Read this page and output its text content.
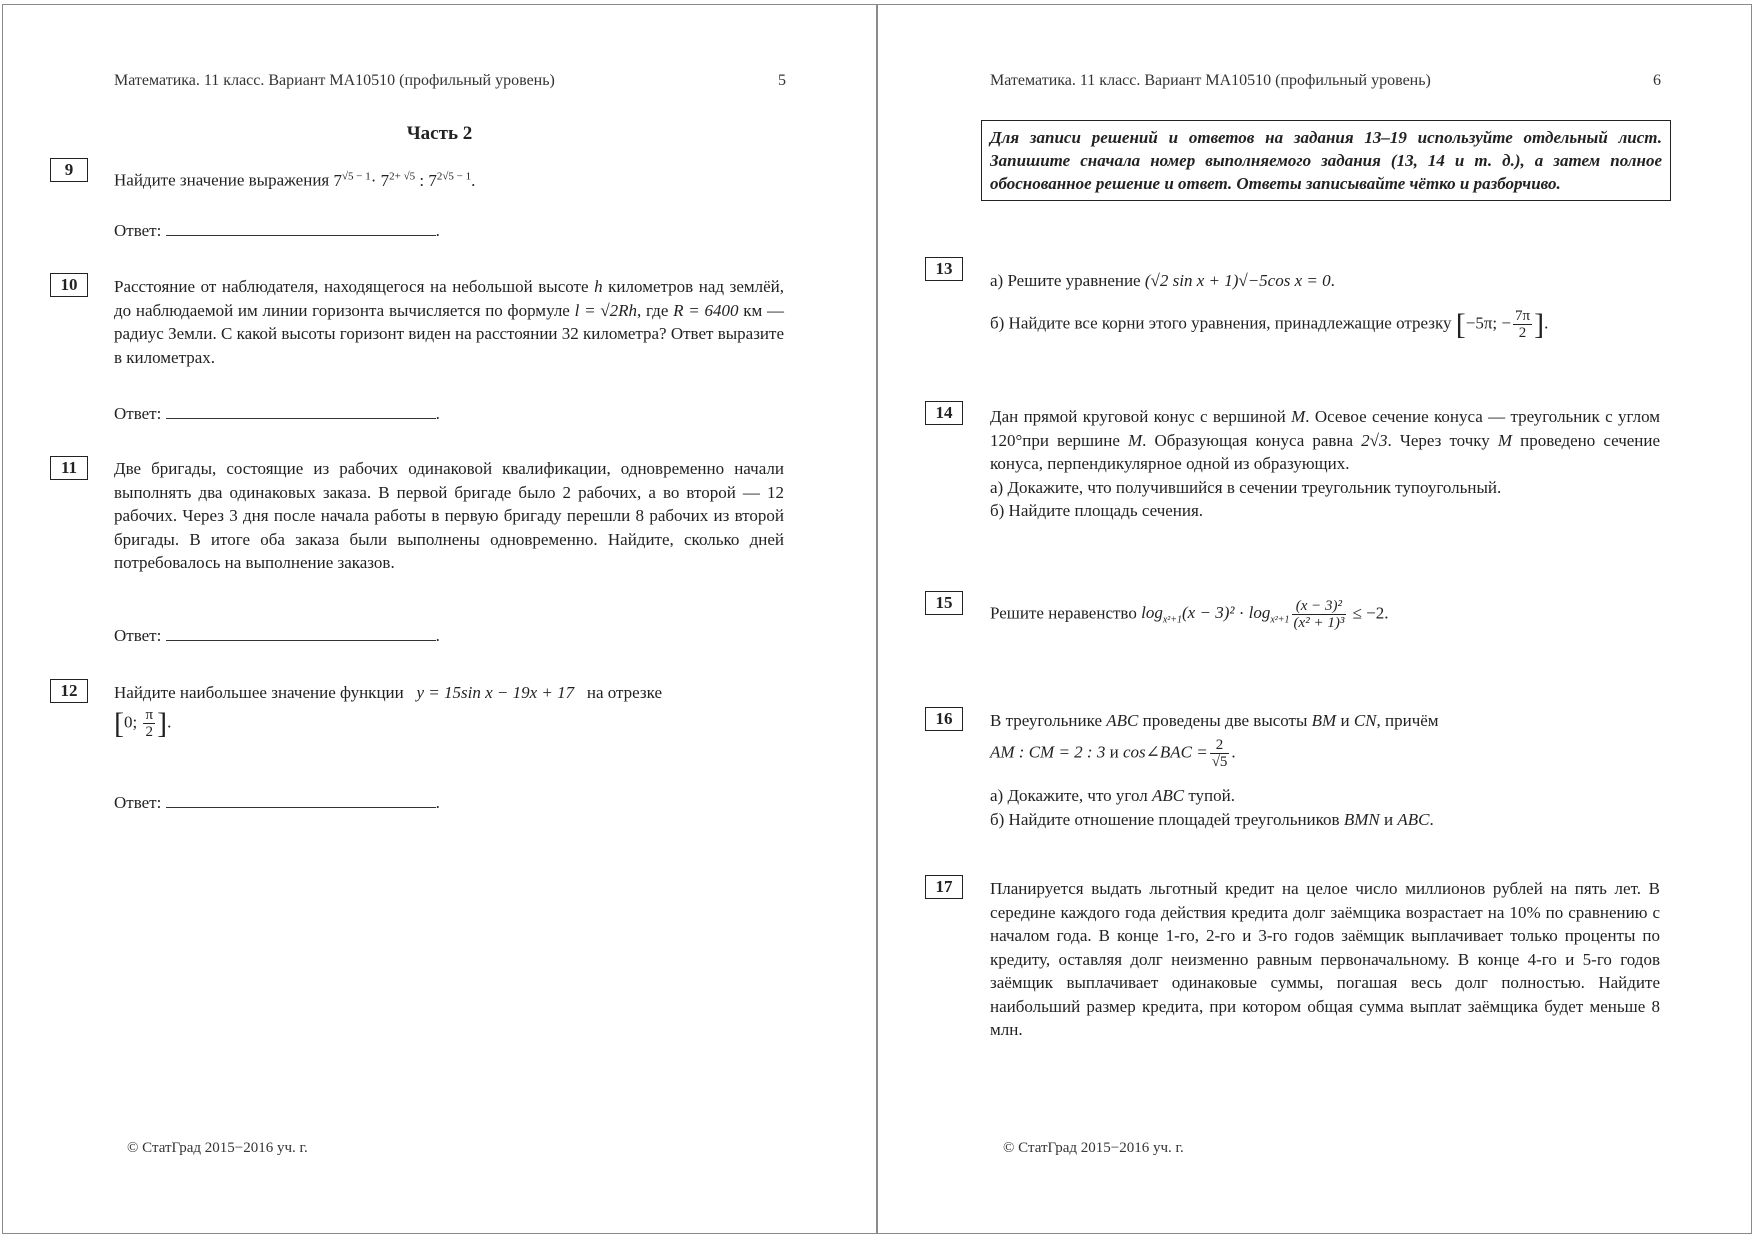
Математика. 11 класс. Вариант МА10510 (профильный уровень)	5
Часть 2
9
Найдите значение выражения $7^{√5 - 1}\cdot 7^{2+ √5}$ : $7^{2√5 - 1}$.
Ответ:	.
10	Расстояние от наблюдателя, находящегося на небольшой высоте h километров над землёй, до наблюдаемой им линии горизонта вычисляется по формуле l = √2Rh, где R = 6400 км — радиус Земли. С какой высоты горизонт виден на расстоянии 32 километра? Ответ выразите в километрах.
Ответ:	.
11	Две бригады, состоящие из рабочих одинаковой квалификации, одновременно начали выполнять два одинаковых заказа. В первой бригаде было 2 рабочих, а во второй — 12 рабочих. Через 3 дня после начала работы в первую бригаду перешли 8 рабочих из второй бригады. В итоге оба заказа были выполнены одновременно. Найдите, сколько дней потребовалось на выполнение заказов.
Ответ:	.
12	Найдите наибольшее значение функции y = 15sin x − 19x + 17 на отрезке
[0; $\frac{\pi}{2}$ ].
Ответ:	.
© СтатГрад 2015−2016 уч. г.
Математика. 11 класс. Вариант МА10510 (профильный уровень)	6
Для записи решений и ответов на задания 13–19 используйте отдельный лист. Запишите сначала номер выполняемого задания (13, 14 и т. д.), а затем полное обоснованное решение и ответ. Ответы записывайте чётко и разборчиво.
13
а) Решите уравнение (√2 sin x + 1)√−5cos x = 0.
б) Найдите все корни этого уравнения, принадлежащие отрезку [−5π; − $\frac{7\pi}{2}$ ].
14	Дан прямой круговой конус с вершиной M. Осевое сечение конуса — треугольник с углом 120°при вершине M. Образующая конуса равна 2√3. Через точку M проведено сечение конуса, перпендикулярное одной из образующих.
а) Докажите, что получившийся в сечении треугольник тупоугольный.
б) Найдите площадь сечения.
15
Решите неравенство $\log_{x^2+1}(x - 3)^2 \cdot \log_{x^2+1} \frac{\text{(x − 3)²}}{\text{(x² + 1)³}} \le -2$.
16	В треугольнике ABC проведены две высоты BM и CN, причём
AM : CM = 2 : 3 и cos∠BAC = $\frac{2}{√5}$ .
а) Докажите, что угол ABC тупой.
б) Найдите отношение площадей треугольников BMN и ABC.
17	Планируется выдать льготный кредит на целое число миллионов рублей на пять лет. В середине каждого года действия кредита долг заёмщика возрастает на 10% по сравнению с началом года. В конце 1-го, 2-го и 3-го годов заёмщик выплачивает только проценты по кредиту, оставляя долг неизменно равным первоначальному. В конце 4-го и 5-го годов заёмщик выплачивает одинаковые суммы, погашая весь долг полностью. Найдите наибольший размер кредита, при котором общая сумма выплат заёмщика будет меньше 8 млн.
© СтатГрад 2015−2016 уч. г.
